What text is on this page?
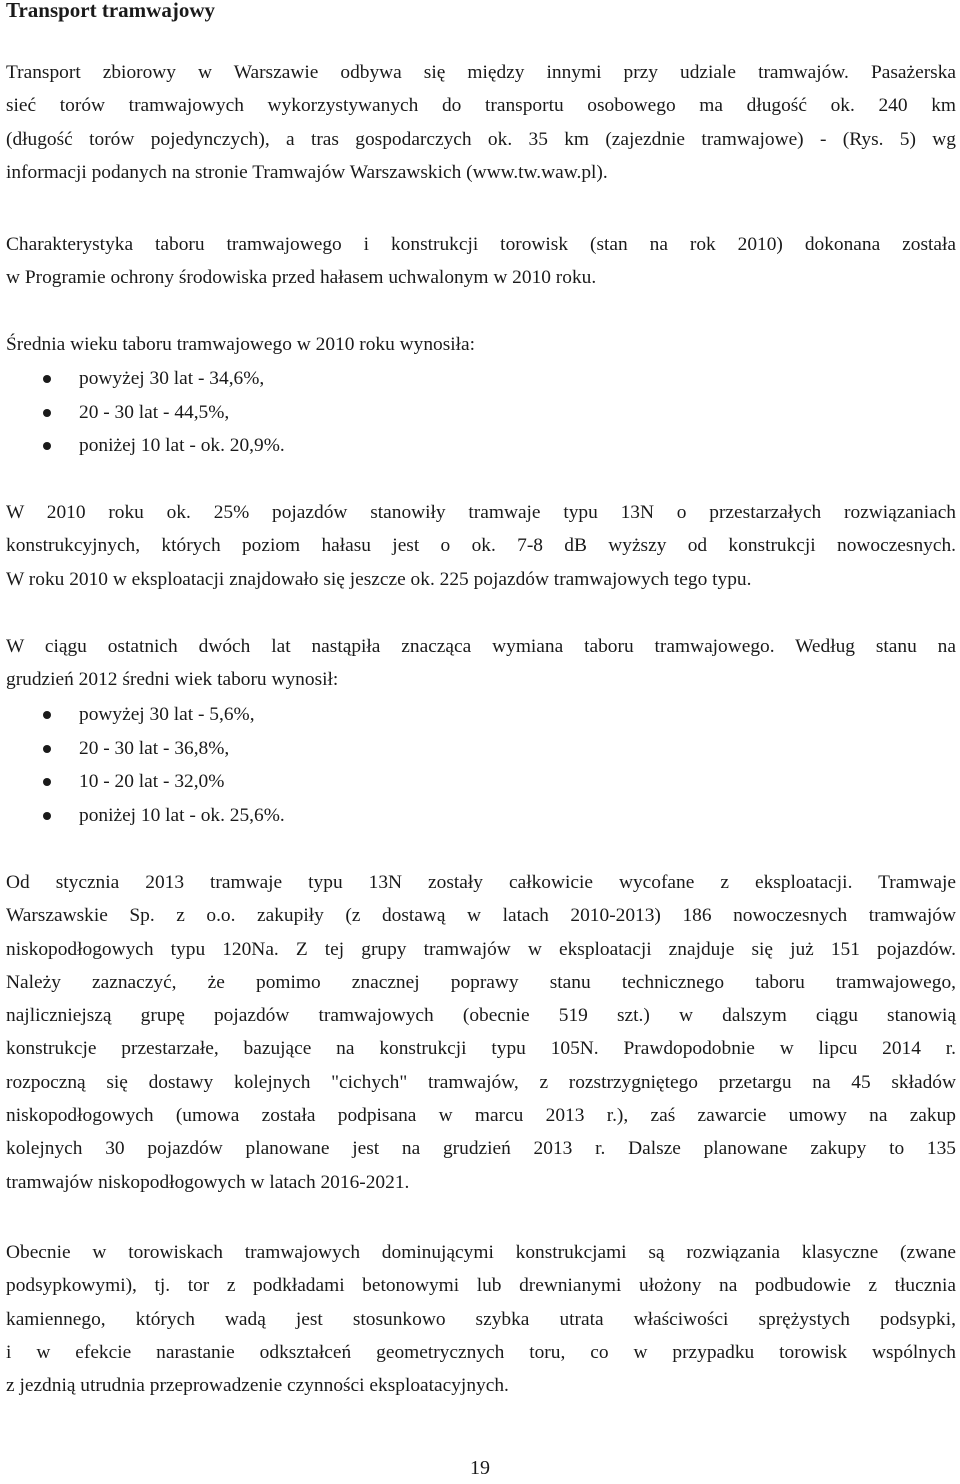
Transport tramwajowy
Transport zbiorowy w Warszawie odbywa się między innymi przy udziale tramwajów. Pasażerska
sieć torów tramwajowych wykorzystywanych do transportu osobowego ma długość ok. 240 km
(długość torów pojedynczych), a tras gospodarczych ok. 35 km (zajezdnie tramwajowe) - (Rys. 5) wg
informacji podanych na stronie Tramwajów Warszawskich (www.tw.waw.pl).
Charakterystyka taboru tramwajowego i konstrukcji torowisk (stan na rok 2010) dokonana została
w Programie ochrony środowiska przed hałasem uchwalonym w 2010 roku.
Średnia wieku taboru tramwajowego w 2010 roku wynosiła:
powyżej 30 lat - 34,6%,
20 - 30 lat - 44,5%,
poniżej 10 lat - ok. 20,9%.
W 2010 roku ok. 25% pojazdów stanowiły tramwaje typu 13N o przestarzałych rozwiązaniach
konstrukcyjnych, których poziom hałasu jest o ok. 7-8 dB wyższy od konstrukcji nowoczesnych.
W roku 2010 w eksploatacji znajdowało się jeszcze ok. 225 pojazdów tramwajowych tego typu.
W ciągu ostatnich dwóch lat nastąpiła znacząca wymiana taboru tramwajowego. Według stanu na
grudzień 2012 średni wiek taboru wynosił:
powyżej 30 lat - 5,6%,
20 - 30 lat - 36,8%,
10 - 20 lat - 32,0%
poniżej 10 lat - ok. 25,6%.
Od stycznia 2013 tramwaje typu 13N zostały całkowicie wycofane z eksploatacji. Tramwaje
Warszawskie Sp. z o.o. zakupiły (z dostawą w latach 2010-2013) 186 nowoczesnych tramwajów
niskopodłogowych typu 120Na. Z tej grupy tramwajów w eksploatacji znajduje się już 151 pojazdów.
Należy zaznaczyć, że pomimo znacznej poprawy stanu technicznego taboru tramwajowego,
najliczniejszą grupę pojazdów tramwajowych (obecnie 519 szt.) w dalszym ciągu stanowią
konstrukcje przestarzałe, bazujące na konstrukcji typu 105N. Prawdopodobnie w lipcu 2014 r.
rozpoczną się dostawy kolejnych "cichych" tramwajów, z rozstrzygniętego przetargu na 45 składów
niskopodłogowych (umowa została podpisana w marcu 2013 r.), zaś zawarcie umowy na zakup
kolejnych 30 pojazdów planowane jest na grudzień 2013 r. Dalsze planowane zakupy to 135
tramwajów niskopodłogowych w latach 2016-2021.
Obecnie w torowiskach tramwajowych dominującymi konstrukcjami są rozwiązania klasyczne (zwane
podsypkowymi), tj. tor z podkładami betonowymi lub drewnianymi ułożony na podbudowie z tłucznia
kamiennego, których wadą jest stosunkowo szybka utrata właściwości sprężystych podsypki,
i w efekcie narastanie odkształceń geometrycznych toru, co w przypadku torowisk wspólnych
z jezdnią utrudnia przeprowadzenie czynności eksploatacyjnych.
19
